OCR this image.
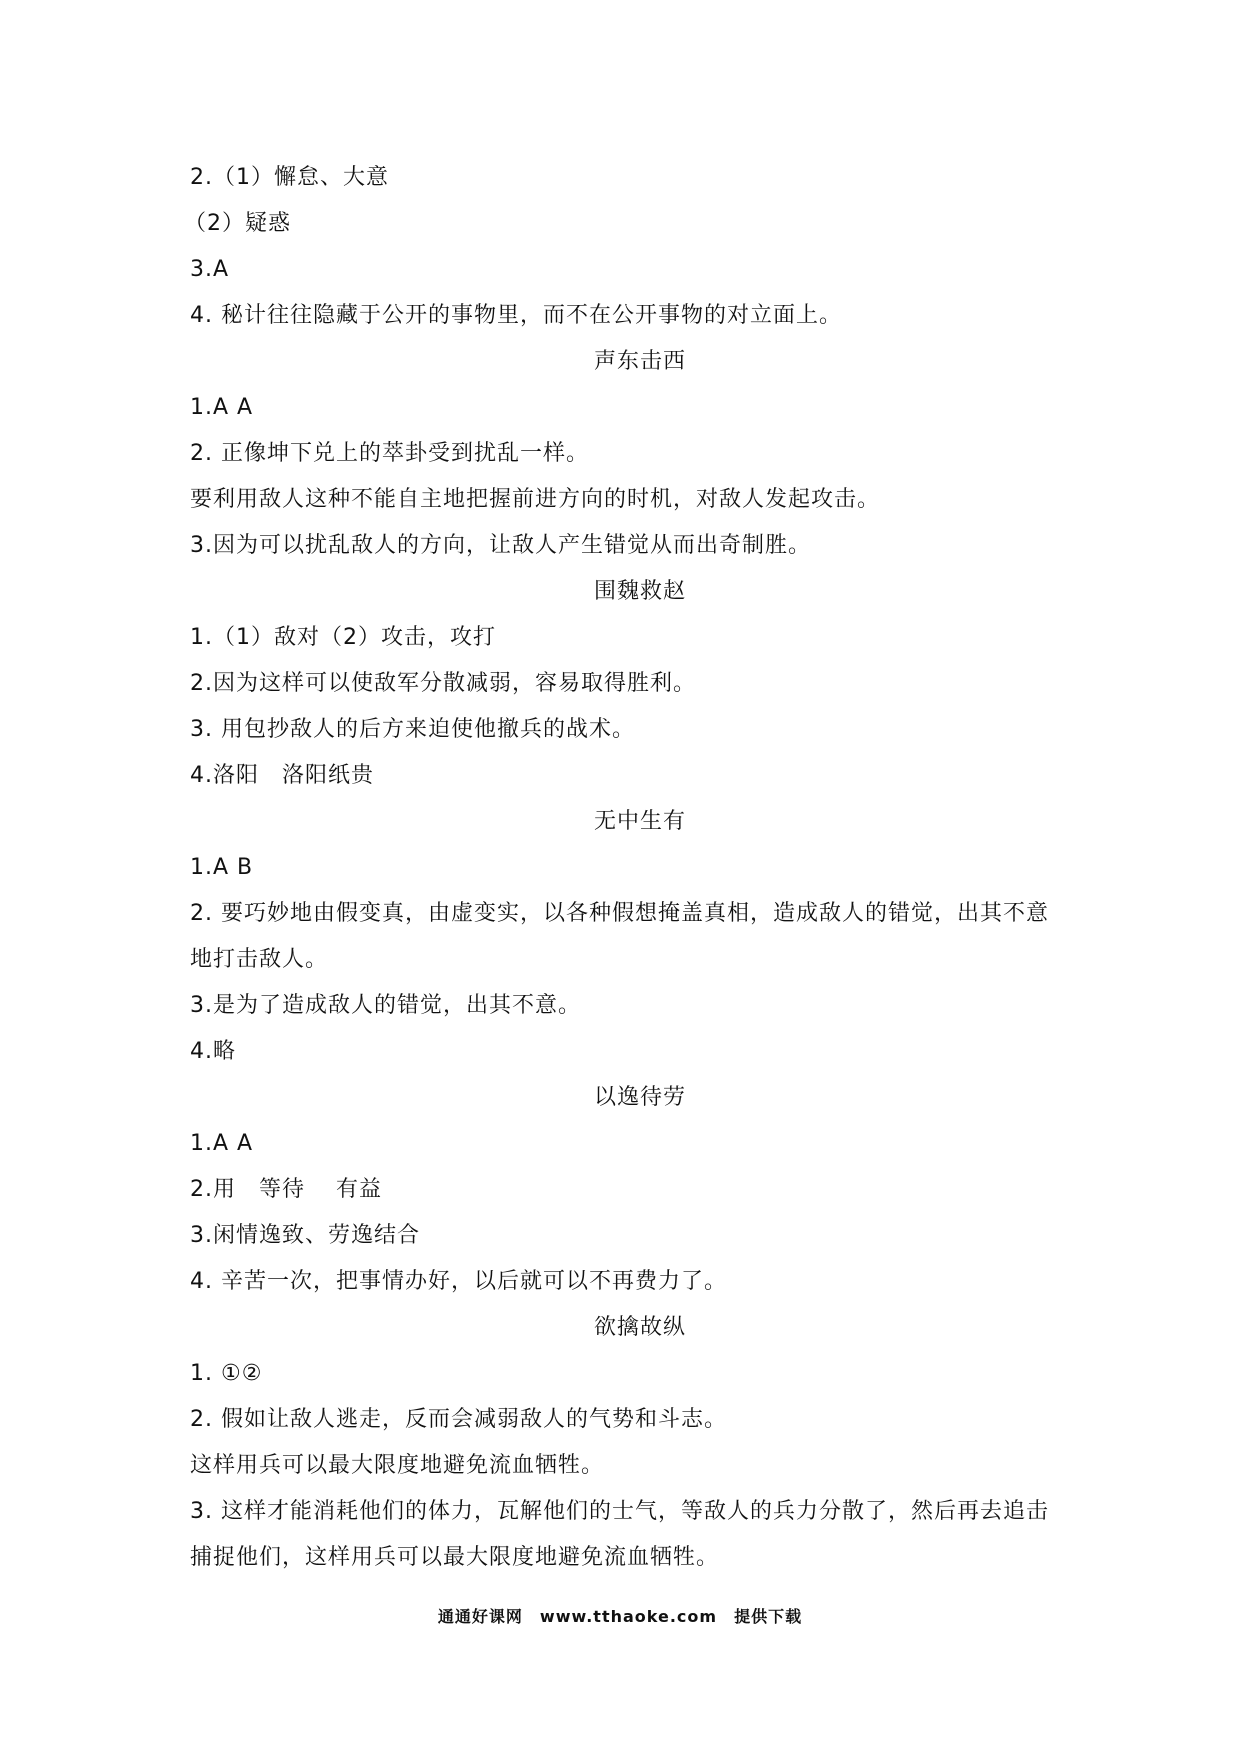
2.（1）懈怠、大意
（2）疑惑
3.A
4. 秘计往往隐藏于公开的事物里，而不在公开事物的对立面上。
声东击西
1.A A
2. 正像坤下兑上的萃卦受到扰乱一样。
要利用敌人这种不能自主地把握前进方向的时机，对敌人发起攻击。
3.因为可以扰乱敌人的方向，让敌人产生错觉从而出奇制胜。
围魏救赵
1.（1）敌对（2）攻击，攻打
2.因为这样可以使敌军分散减弱，容易取得胜利。
3. 用包抄敌人的后方来迫使他撤兵的战术。
4.洛阳　洛阳纸贵
无中生有
1.A B
2. 要巧妙地由假变真，由虚变实，以各种假想掩盖真相，造成敌人的错觉，出其不意地打击敌人。
3.是为了造成敌人的错觉，出其不意。
4.略
以逸待劳
1.A A
2.用　等待　 有益
3.闲情逸致、劳逸结合
4. 辛苦一次，把事情办好，以后就可以不再费力了。
欲擒故纵
1. ①②
2. 假如让敌人逃走，反而会减弱敌人的气势和斗志。
这样用兵可以最大限度地避免流血牺牲。
3. 这样才能消耗他们的体力，瓦解他们的士气，等敌人的兵力分散了，然后再去追击捕捉他们，这样用兵可以最大限度地避免流血牺牲。
通通好课网　www.tthaoke.com　提供下载
